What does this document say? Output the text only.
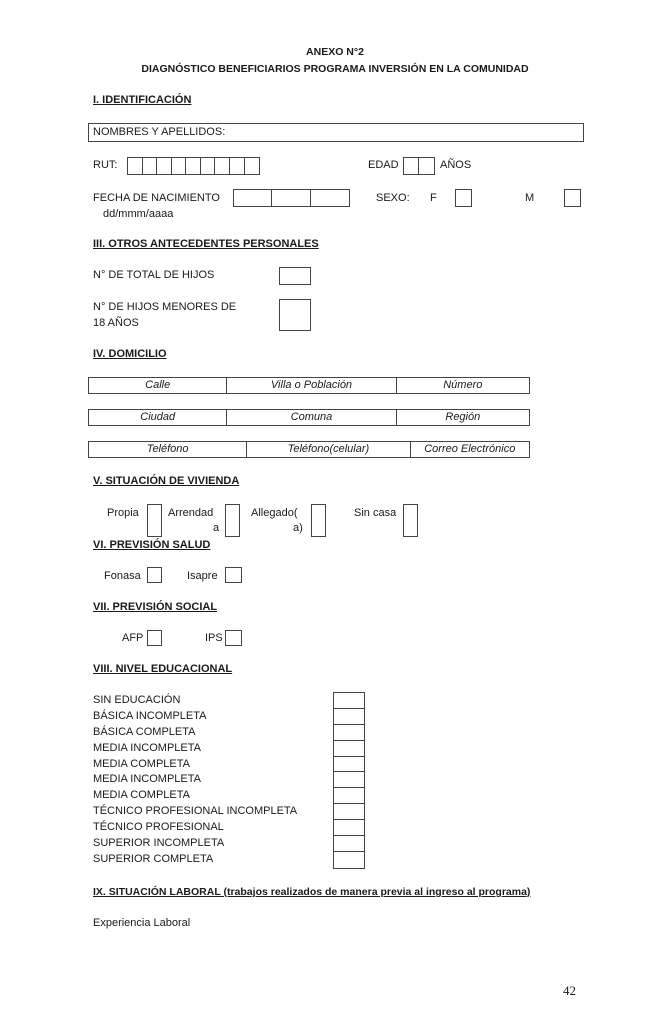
ANEXO N°2
DIAGNÓSTICO BENEFICIARIOS PROGRAMA INVERSIÓN EN LA COMUNIDAD
I. IDENTIFICACIÓN
NOMBRES Y APELLIDOS:
RUT:	EDAD	AÑOS
FECHA DE NACIMIENTO
dd/mmm/aaaa
SEXO: F	M
III. OTROS ANTECEDENTES PERSONALES
N° DE TOTAL DE HIJOS
N° DE HIJOS MENORES DE
18 AÑOS
IV. DOMICILIO
Calle	Villa o Población	Número
Ciudad	Comuna	Región
Teléfono	Teléfono(celular)	Correo Electrónico
V. SITUACIÓN DE VIVIENDA
Propia	Arrendad
a
Allegado(
a)
Sin casa
VI. PREVISIÓN SALUD
Fonasa	Isapre
VII. PREVISIÓN SOCIAL
AFP	IPS
VIII. NIVEL EDUCACIONAL
SIN EDUCACIÓN
BÁSICA INCOMPLETA
BÁSICA COMPLETA
MEDIA INCOMPLETA
MEDIA COMPLETA
MEDIA INCOMPLETA
MEDIA COMPLETA
TÉCNICO PROFESIONAL INCOMPLETA
TÉCNICO PROFESIONAL
SUPERIOR INCOMPLETA
SUPERIOR COMPLETA
IX. SITUACIÓN LABORAL (trabajos realizados de manera previa al ingreso al programa)
Experiencia Laboral
42
